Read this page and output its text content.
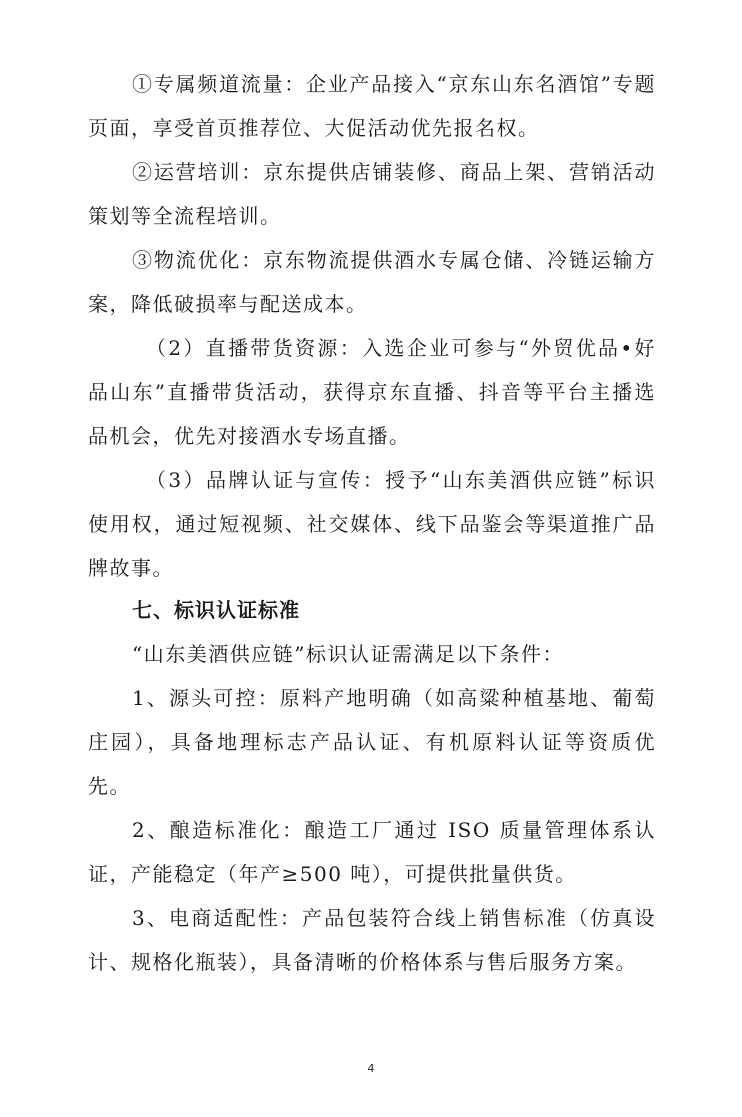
①专属频道流量：企业产品接入“京东山东名酒馆”专题页面，享受首页推荐位、大促活动优先报名权。

②运营培训：京东提供店铺装修、商品上架、营销活动策划等全流程培训。

③物流优化：京东物流提供酒水专属仓储、冷链运输方案，降低破损率与配送成本。

（2）直播带货资源：入选企业可参与“外贸优品•好品山东”直播带货活动，获得京东直播、抖音等平台主播选品机会，优先对接酒水专场直播。

（3）品牌认证与宣传：授予“山东美酒供应链”标识使用权，通过短视频、社交媒体、线下品鉴会等渠道推广品牌故事。

七、标识认证标准

“山东美酒供应链”标识认证需满足以下条件：

1、源头可控：原料产地明确（如高粱种植基地、葡萄庄园），具备地理标志产品认证、有机原料认证等资质优先。

2、酿造标准化：酿造工厂通过 ISO 质量管理体系认证，产能稳定（年产≥500 吨），可提供批量供货。

3、电商适配性：产品包装符合线上销售标准（仿真设计、规格化瓶装），具备清晰的价格体系与售后服务方案。

4
